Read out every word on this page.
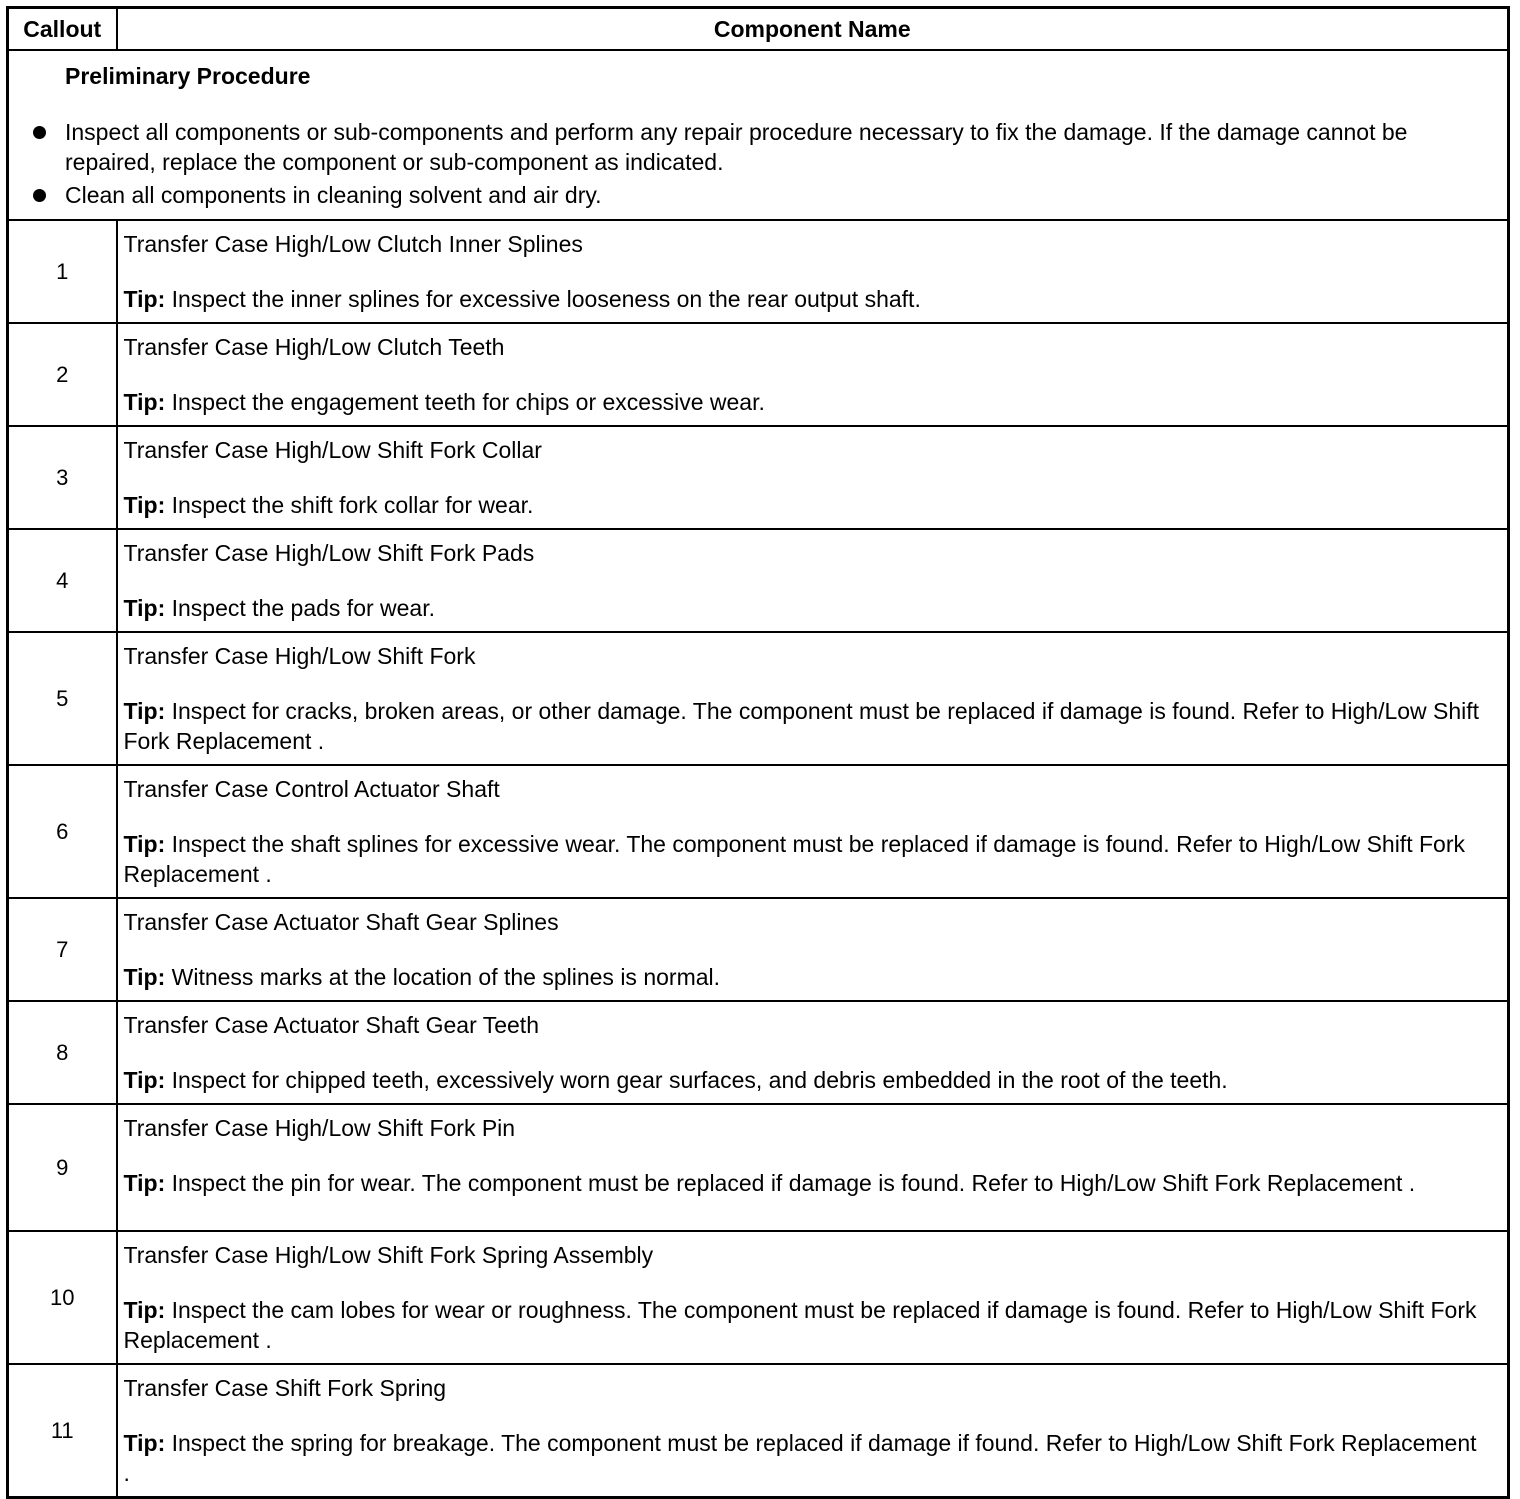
Callout	Component Name

Preliminary Procedure
Inspect all components or sub-components and perform any repair procedure necessary to fix the damage. If the damage cannot be repaired, replace the component or sub-component as indicated.
Clean all components in cleaning solvent and air dry.	

1	Transfer Case High/Low Clutch Inner Splines
Tip: Inspect the inner splines for excessive looseness on the rear output shaft.

2	Transfer Case High/Low Clutch Teeth
Tip: Inspect the engagement teeth for chips or excessive wear.

3	Transfer Case High/Low Shift Fork Collar
Tip: Inspect the shift fork collar for wear.

4	Transfer Case High/Low Shift Fork Pads
Tip: Inspect the pads for wear.

5	Transfer Case High/Low Shift Fork
Tip: Inspect for cracks, broken areas, or other damage. The component must be replaced if damage is found. Refer to High/Low Shift Fork Replacement .

6	Transfer Case Control Actuator Shaft
Tip: Inspect the shaft splines for excessive wear. The component must be replaced if damage is found. Refer to High/Low Shift Fork Replacement .

7	Transfer Case Actuator Shaft Gear Splines
Tip: Witness marks at the location of the splines is normal.

8	Transfer Case Actuator Shaft Gear Teeth
Tip: Inspect for chipped teeth, excessively worn gear surfaces, and debris embedded in the root of the teeth.

9	Transfer Case High/Low Shift Fork Pin
Tip: Inspect the pin for wear. The component must be replaced if damage is found. Refer to High/Low Shift Fork Replacement .

10	Transfer Case High/Low Shift Fork Spring Assembly
Tip: Inspect the cam lobes for wear or roughness. The component must be replaced if damage is found. Refer to High/Low Shift Fork Replacement .

11	Transfer Case Shift Fork Spring
Tip: Inspect the spring for breakage. The component must be replaced if damage if found. Refer to High/Low Shift Fork Replacement .
